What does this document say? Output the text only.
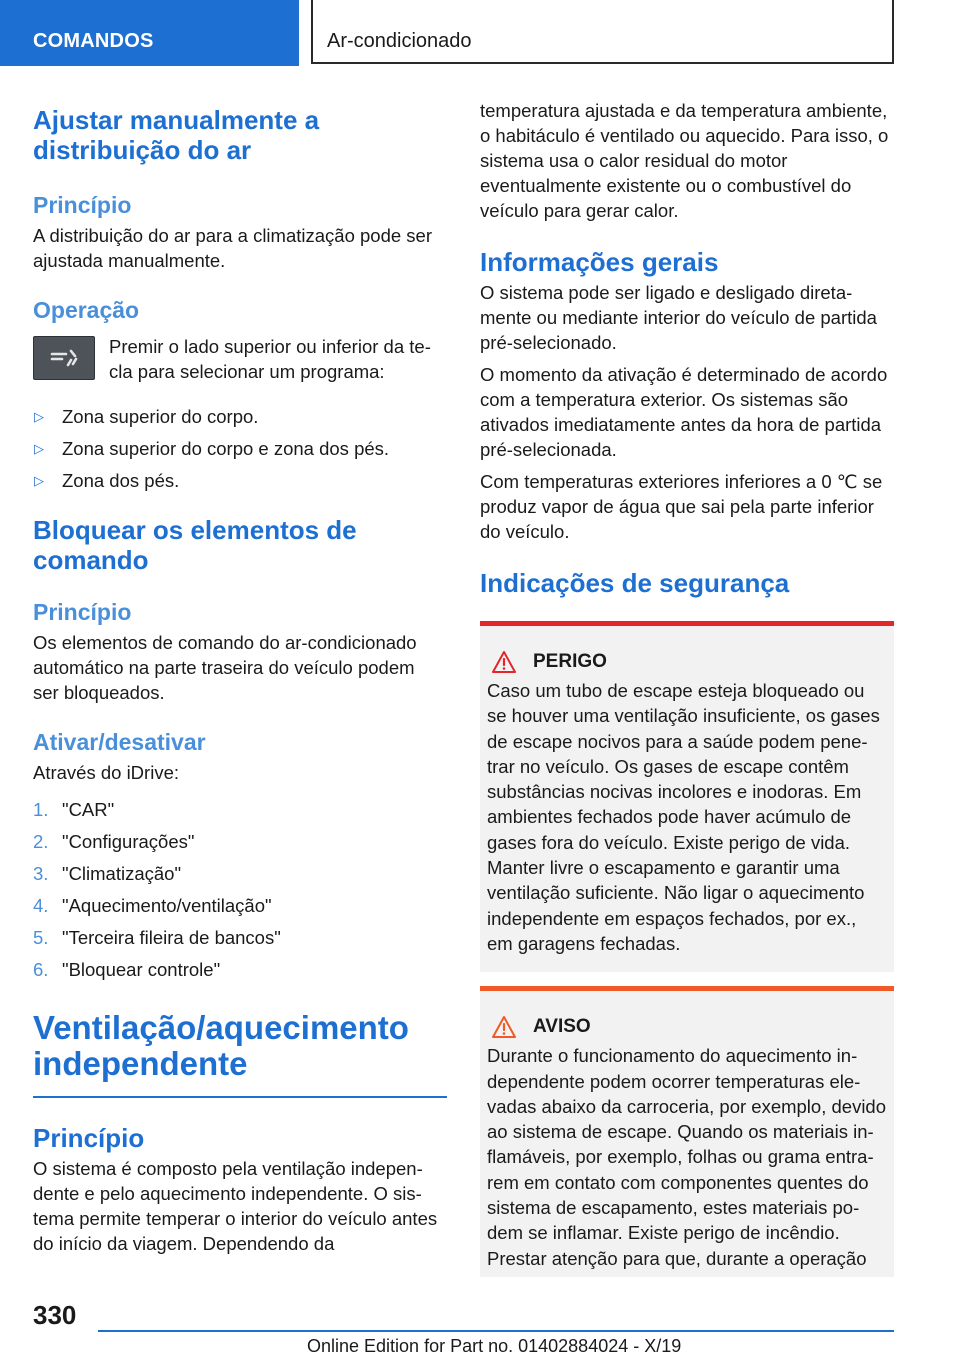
COMANDOS	Ar-condicionado
Ajustar manualmente a distribuição do ar
Princípio

A distribuição do ar para a climatização pode ser ajustada manualmente.

Operação

Premir o lado superior ou inferior da tecla para selecionar um programa:

▷ Zona superior do corpo.
▷ Zona superior do corpo e zona dos pés.
▷ Zona dos pés.
Bloquear os elementos de comando
Princípio

Os elementos de comando do ar-condicionado automático na parte traseira do veículo podem ser bloqueados.

Ativar/desativar

Através do iDrive:

1. "CAR"
2. "Configurações"
3. "Climatização"
4. "Aquecimento/ventilação"
5. "Terceira fileira de bancos"
6. "Bloquear controle"
Ventilação/aquecimento independente
Princípio

O sistema é composto pela ventilação independente e pelo aquecimento independente. O sistema permite temperar o interior do veículo antes do início da viagem. Dependendo da

temperatura ajustada e da temperatura ambiente, o habitáculo é ventilado ou aquecido. Para isso, o sistema usa o calor residual do motor eventualmente existente ou o combustível do veículo para gerar calor.

Informações gerais

O sistema pode ser ligado e desligado diretamente ou mediante interior do veículo de partida pré-selecionado.

O momento da ativação é determinado de acordo com a temperatura exterior. Os sistemas são ativados imediatamente antes da hora de partida pré-selecionada.

Com temperaturas exteriores inferiores a 0 ℃ se produz vapor de água que sai pela parte inferior do veículo.

Indicações de segurança
PERIGO

Caso um tubo de escape esteja bloqueado ou se houver uma ventilação insuficiente, os gases de escape nocivos para a saúde podem penetrar no veículo. Os gases de escape contêm substâncias nocivas incolores e inodoras. Em ambientes fechados pode haver acúmulo de gases fora do veículo. Existe perigo de vida. Manter livre o escapamento e garantir uma ventilação suficiente. Não ligar o aquecimento independente em espaços fechados, por ex., em garagens fechadas.

AVISO

Durante o funcionamento do aquecimento independente podem ocorrer temperaturas elevadas abaixo da carroceria, por exemplo, devido ao sistema de escape. Quando os materiais inflamáveis, por exemplo, folhas ou grama entrarem em contato com componentes quentes do sistema de escapamento, estes materiais podem se inflamar. Existe perigo de incêndio. Prestar atenção para que, durante a operação

330
Online Edition for Part no. 01402884024 - X/19
